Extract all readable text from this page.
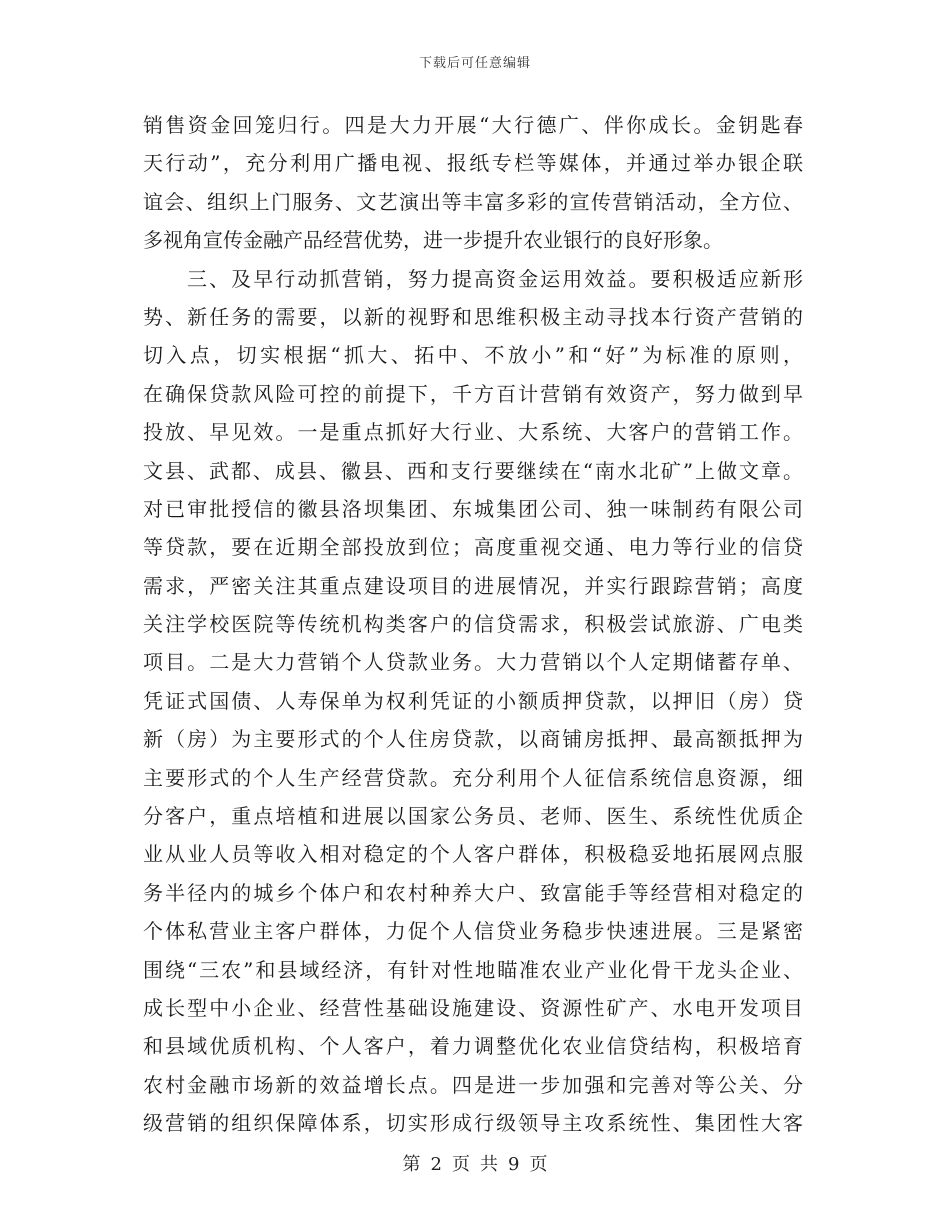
下载后可任意编辑
销售资金回笼归行。四是大力开展“大行德广、伴你成长。金钥匙春
天行动”，充分利用广播电视、报纸专栏等媒体，并通过举办银企联
谊会、组织上门服务、文艺演出等丰富多彩的宣传营销活动，全方位、
多视角宣传金融产品经营优势，进一步提升农业银行的良好形象。
三、及早行动抓营销，努力提高资金运用效益。要积极适应新形
势、新任务的需要，以新的视野和思维积极主动寻找本行资产营销的
切入点，切实根据“抓大、拓中、不放小”和“好”为标准的原则，
在确保贷款风险可控的前提下，千方百计营销有效资产，努力做到早
投放、早见效。一是重点抓好大行业、大系统、大客户的营销工作。
文县、武都、成县、徽县、西和支行要继续在“南水北矿”上做文章。
对已审批授信的徽县洛坝集团、东城集团公司、独一味制药有限公司
等贷款，要在近期全部投放到位；高度重视交通、电力等行业的信贷
需求，严密关注其重点建设项目的进展情况，并实行跟踪营销；高度
关注学校医院等传统机构类客户的信贷需求，积极尝试旅游、广电类
项目。二是大力营销个人贷款业务。大力营销以个人定期储蓄存单、
凭证式国债、人寿保单为权利凭证的小额质押贷款，以押旧（房）贷
新（房）为主要形式的个人住房贷款，以商铺房抵押、最高额抵押为
主要形式的个人生产经营贷款。充分利用个人征信系统信息资源，细
分客户，重点培植和进展以国家公务员、老师、医生、系统性优质企
业从业人员等收入相对稳定的个人客户群体，积极稳妥地拓展网点服
务半径内的城乡个体户和农村种养大户、致富能手等经营相对稳定的
个体私营业主客户群体，力促个人信贷业务稳步快速进展。三是紧密
围绕“三农”和县域经济，有针对性地瞄准农业产业化骨干龙头企业、
成长型中小企业、经营性基础设施建设、资源性矿产、水电开发项目
和县域优质机构、个人客户，着力调整优化农业信贷结构，积极培育
农村金融市场新的效益增长点。四是进一步加强和完善对等公关、分
级营销的组织保障体系，切实形成行级领导主攻系统性、集团性大客
第 2 页 共 9 页
